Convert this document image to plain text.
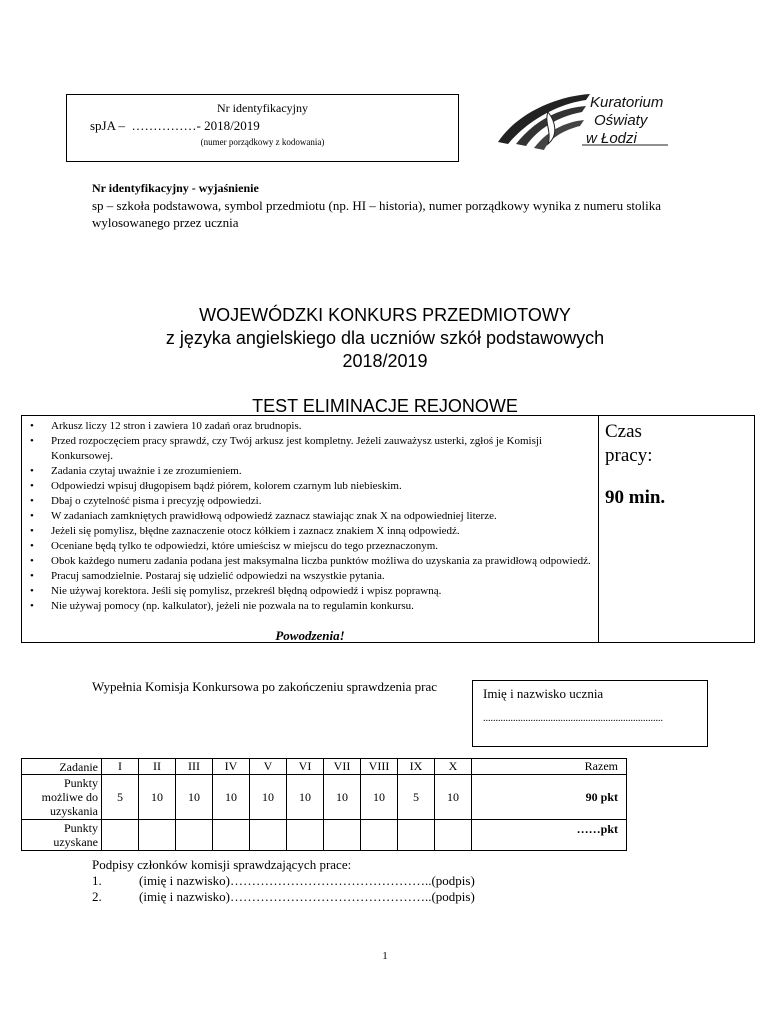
Nr identyfikacyjny
spJA –  ……………- 2018/2019
(numer porządkowy z kodowania)
Kuratorium
Oświaty
w Łodzi
Nr identyfikacyjny - wyjaśnienie
sp – szkoła podstawowa, symbol przedmiotu (np. HI – historia), numer porządkowy wynika z numeru stolika wylosowanego przez ucznia
WOJEWÓDZKI KONKURS PRZEDMIOTOWY
z języka angielskiego dla uczniów szkół podstawowych
2018/2019
TEST ELIMINACJE REJONOWE
• Arkusz liczy 12 stron i zawiera 10 zadań oraz brudnopis.
• Przed rozpoczęciem pracy sprawdź, czy Twój arkusz jest kompletny. Jeżeli zauważysz usterki, zgłoś je Komisji Konkursowej.
• Zadania czytaj uważnie i ze zrozumieniem.
• Odpowiedzi wpisuj długopisem bądź piórem, kolorem czarnym lub niebieskim.
• Dbaj o czytelność pisma i precyzję odpowiedzi.
• W zadaniach zamkniętych prawidłową odpowiedź zaznacz stawiając znak X na odpowiedniej literze.
• Jeżeli się pomylisz, błędne zaznaczenie otocz kółkiem i zaznacz znakiem X inną odpowiedź.
• Oceniane będą tylko te odpowiedzi, które umieścisz w miejscu do tego przeznaczonym.
• Obok każdego numeru zadania podana jest maksymalna liczba punktów możliwa do uzyskania za prawidłową odpowiedź.
• Pracuj samodzielnie. Postaraj się udzielić odpowiedzi na wszystkie pytania.
• Nie używaj korektora. Jeśli się pomylisz, przekreśl błędną odpowiedź i wpisz poprawną.
• Nie używaj pomocy (np. kalkulator), jeżeli nie pozwala na to regulamin konkursu.
Powodzenia!
Czas pracy:
90 min.
Wypełnia Komisja Konkursowa po zakończeniu sprawdzenia prac	Imię i nazwisko ucznia
........................................................................
Zadanie	I	II	III	IV	V	VI	VII	VIII	IX	X	Razem
Punkty możliwe do uzyskania	5	10	10	10	10	10	10	10	5	10	90 pkt
Punkty uzyskane											……pkt
Podpisy członków komisji sprawdzających prace:
1.	(imię i nazwisko)………………………………………..(podpis)
2.	(imię i nazwisko)………………………………………..(podpis)
1
